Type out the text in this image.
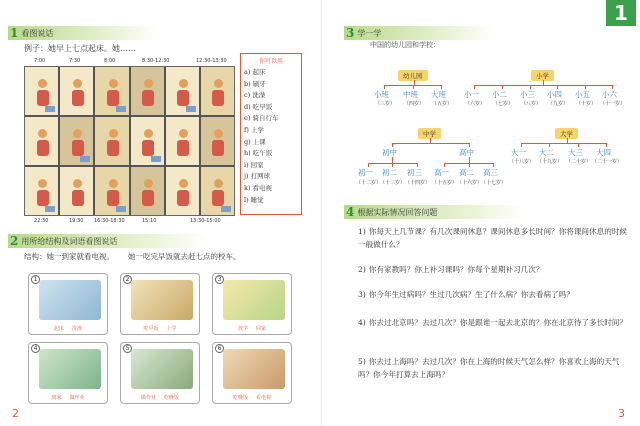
1 看图说话
例子：她早上七点起床。她……
7:00	7:30	8:00	8:30-12:30	12:30-13:30
22:30	19:30 16:30-18:30	15:10	13:30-15:00
你可以用
a) 起床
b) 刷牙
c) 洗澡
d) 吃早饭
e) 骑自行车
f) 上学
g) 上课
h) 吃午饭
i) 回家
j) 打网球
k) 看电视
l) 睡觉
2 用所给结构及词语看图说话
结构：她一到家就看电视。 她一吃完早饭就去赶七点的校车。
1
起床 洗澡
2
吃早饭 上学
3
放学 回家
4
到家 做作业
5
做作业 吃晚饭
6
吃晚饭 看电视
2
1
3 学一学
中国的幼儿园和学校：
幼儿园
小班 中班 大班
（三岁） （四岁） （五岁）
小学
小一 小二 小三 小四 小五 小六
（六岁） （七岁） （八岁） （九岁） （十岁） （十一岁）
中学
初中	高中
初一 初二 初三 高一 高二 高三
（十二岁）
（十三岁） （十四岁） （十五岁） （十六岁）
（十七岁）
大学
大一 大二 大三 大四
（十八岁） （十九岁） （二十岁） （二十一岁）
4 根据实际情况回答问题
1) 你每天上几节课？有几次课间休息？课间休息多长时间？你将课间休息的时候一般做什么？
2) 你有家教吗？你上补习课吗？你每个星期补习几次？
3) 你今年生过病吗？生过几次病？生了什么病？你去看病了吗？
4) 你去过北京吗？去过几次？你是跟谁一起去北京的？你在北京待了多长时间？
5) 你去过上海吗？去过几次？你在上海的时候天气怎么样？你喜欢上海的天气吗？你今年打算去上海吗？
3
